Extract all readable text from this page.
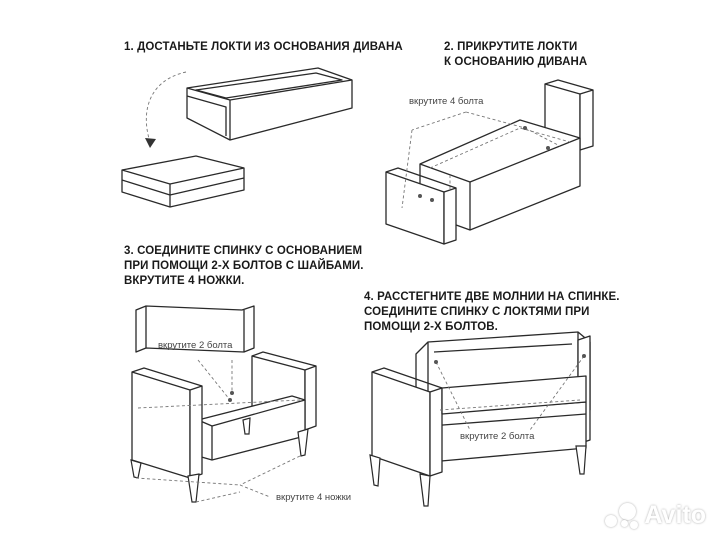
1. ДОСТАНЬТЕ ЛОКТИ ИЗ ОСНОВАНИЯ ДИВАНА	2. ПРИКРУТИТЕ ЛОКТИ
К ОСНОВАНИЮ ДИВАНА
3. СОЕДИНИТЕ СПИНКУ С ОСНОВАНИЕМ
ПРИ ПОМОЩИ 2-Х БОЛТОВ С ШАЙБАМИ.
ВКРУТИТЕ 4 НОЖКИ.
4. РАССТЕГНИТЕ ДВЕ МОЛНИИ НА СПИНКЕ.
СОЕДИНИТЕ СПИНКУ С ЛОКТЯМИ ПРИ
ПОМОЩИ 2-Х БОЛТОВ.
вкрутите 4 болта
вкрутите 2 болта
вкрутите 4 ножки
вкрутите 2 болта
Avito
